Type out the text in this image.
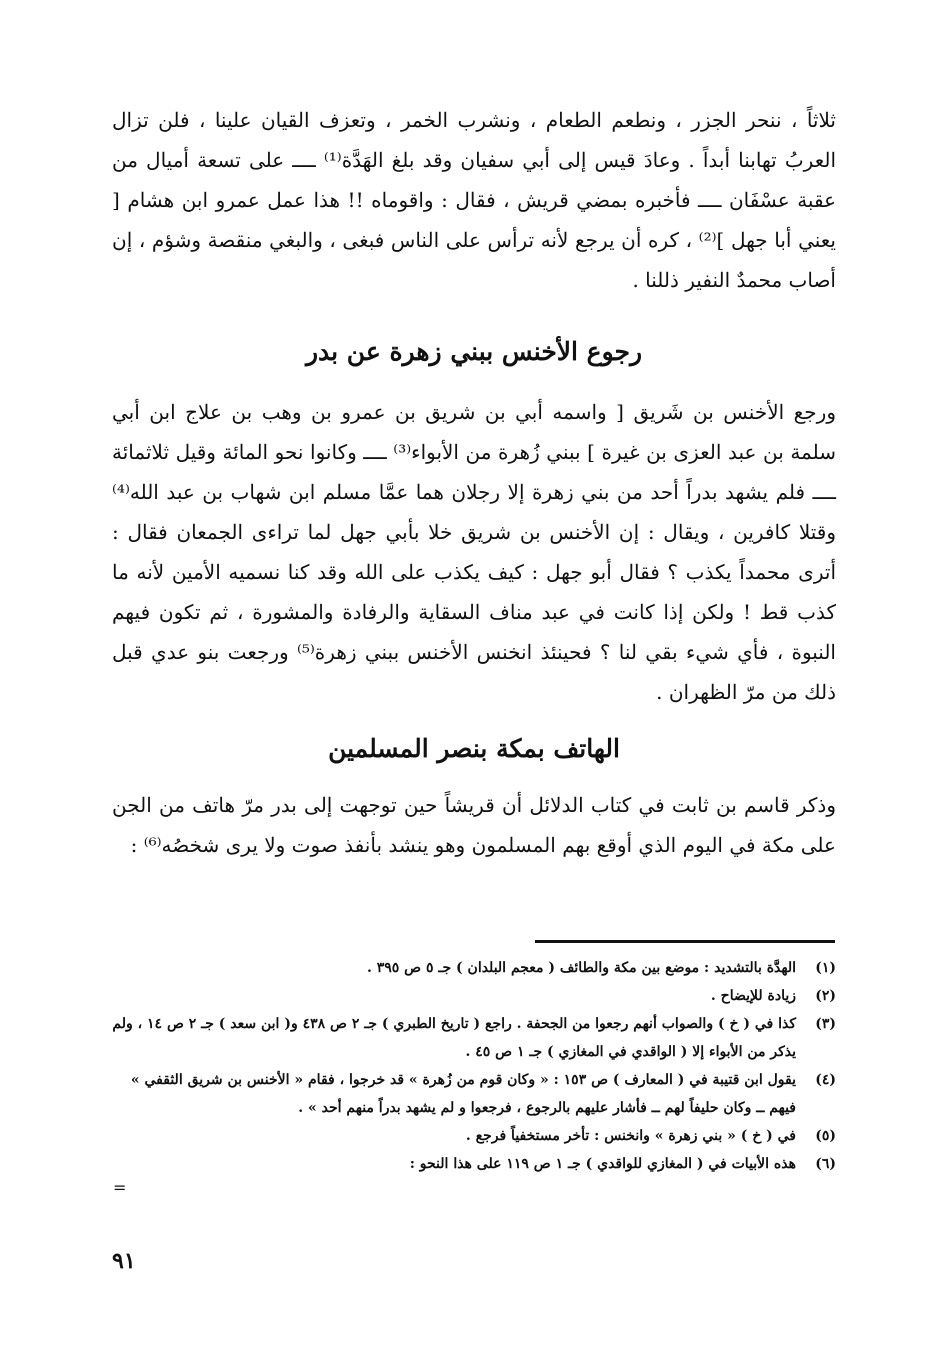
ثلاثاً ، ننحر الجزر ، ونطعم الطعام ، ونشرب الخمر ، وتعزف القيان علينا ، فلن تزال العربُ تهابنا أبداً . وعادَ قيس إلى أبي سفيان وقد بلغ الهَدَّة⁽¹⁾ ــــ على تسعة أميال من عقبة عسْفَان ــــ فأخبره بمضي قريش ، فقال : واقوماه !! هذا عمل عمرو ابن هشام [ يعني أبا جهل ]⁽²⁾ ، كره أن يرجع لأنه ترأس على الناس فبغى ، والبغي منقصة وشؤم ، إن أصاب محمدٌ النفير ذللنا .

رجوع الأخنس ببني زهرة عن بدر

ورجع الأخنس بن شَريق [ واسمه أبي بن شريق بن عمرو بن وهب بن علاج ابن أبي سلمة بن عبد العزى بن غيرة ] ببني زُهرة من الأبواء⁽³⁾ ــــ وكانوا نحو المائة وقيل ثلاثمائة ــــ فلم يشهد بدراً أحد من بني زهرة إلا رجلان هما عمَّا مسلم ابن شهاب بن عبد الله⁽⁴⁾ وقتلا كافرين ، ويقال : إن الأخنس بن شريق خلا بأبي جهل لما تراءى الجمعان فقال : أترى محمداً يكذب ؟ فقال أبو جهل : كيف يكذب على الله وقد كنا نسميه الأمين لأنه ما كذب قط ! ولكن إذا كانت في عبد مناف السقاية والرفادة والمشورة ، ثم تكون فيهم النبوة ، فأي شيء بقي لنا ؟ فحينئذ انخنس الأخنس ببني زهرة⁽⁵⁾ ورجعت بنو عدي قبل ذلك من مرّ الظهران .

الهاتف بمكة بنصر المسلمين

وذكر قاسم بن ثابت في كتاب الدلائل أن قريشاً حين توجهت إلى بدر مرّ هاتف من الجن على مكة في اليوم الذي أوقع بهم المسلمون وهو ينشد بأنفذ صوت ولا يرى شخصُه⁽⁶⁾ :

(١)
الهدَّة بالتشديد : موضع بين مكة والطائف ( معجم البلدان ) جـ ٥ ص ٣٩٥ .
(٢)
زيادة للإيضاح .
(٣)
كذا في ( خ ) والصواب أنهم رجعوا من الجحفة . راجع ( تاريخ الطبري ) جـ ٢ ص ٤٣٨ و( ابن سعد ) جـ ٢ ص ١٤ ، ولم يذكر من الأبواء إلا ( الواقدي في المغازي ) جـ ١ ص ٤٥ .
(٤)
يقول ابن قتيبة في ( المعارف ) ص ١٥٣ : « وكان قوم من زُهرة » قد خرجوا ، فقام « الأخنس بن شريق الثقفي » فيهم ــ وكان حليفاً لهم ــ فأشار عليهم بالرجوع ، فرجعوا و لم يشهد بدراً منهم أحد » .
(٥)
في ( خ ) « بني زهرة » وانخنس : تأخر مستخفياً فرجع .
(٦)
هذه الأبيات في ( المغازي للواقدي ) جـ ١ ص ١١٩ على هذا النحو :
=
٩١
